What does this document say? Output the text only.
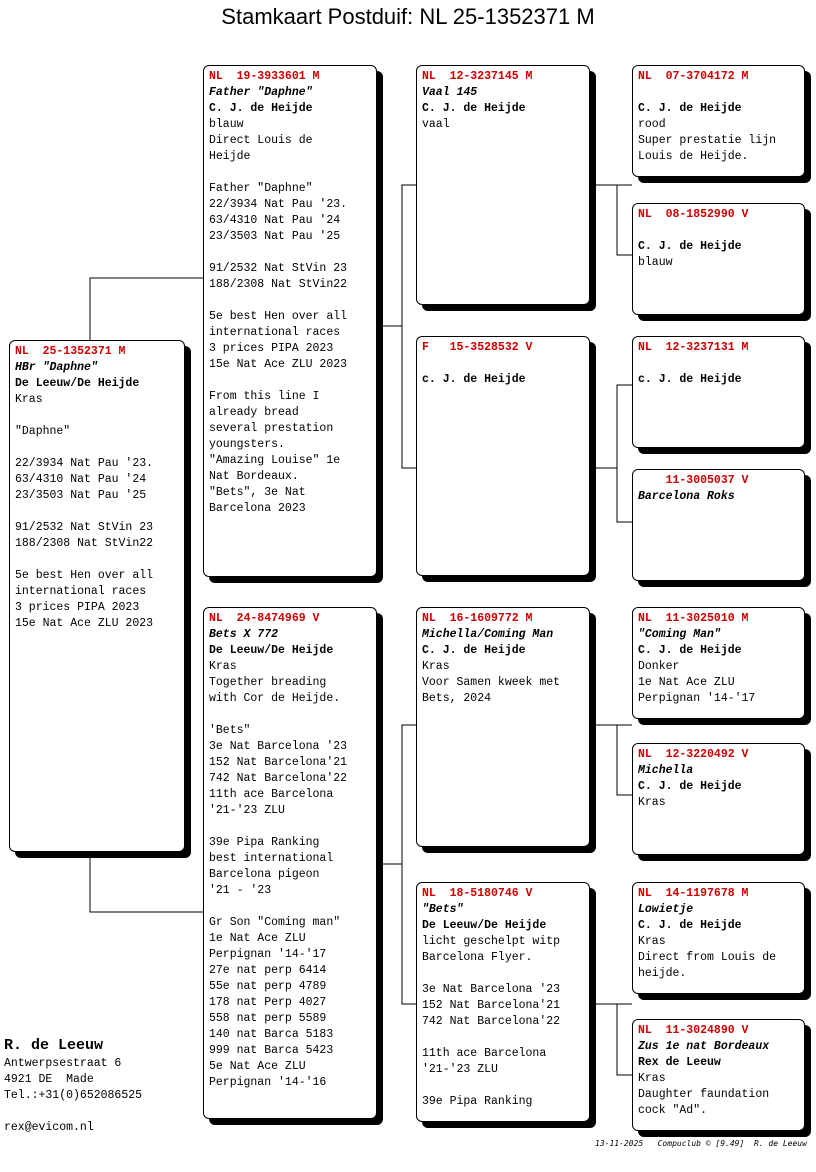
Stamkaart Postduif: NL 25-1352371 M
NL  25-1352371 M
HBr "Daphne"
De Leeuw/De Heijde
Kras
"Daphne"
22/3934 Nat Pau '23.
63/4310 Nat Pau '24
23/3503 Nat Pau '25
91/2532 Nat StVin 23
188/2308 Nat StVin22
5e best Hen over all
international races
3 prices PIPA 2023
15e Nat Ace ZLU 2023
NL  19-3933601 M
Father "Daphne"
C. J. de Heijde
blauw
Direct Louis de
Heijde
Father "Daphne"
22/3934 Nat Pau '23.
63/4310 Nat Pau '24
23/3503 Nat Pau '25
91/2532 Nat StVin 23
188/2308 Nat StVin22
5e best Hen over all
international races
3 prices PIPA 2023
15e Nat Ace ZLU 2023
From this line I
already bread
several prestation
youngsters.
"Amazing Louise" 1e
Nat Bordeaux.
"Bets", 3e Nat
Barcelona 2023
NL  24-8474969 V
Bets X 772
De Leeuw/De Heijde
Kras
Together breading
with Cor de Heijde.
'Bets"
3e Nat Barcelona '23
152 Nat Barcelona'21
742 Nat Barcelona'22
11th ace Barcelona
'21-'23 ZLU
39e Pipa Ranking
best international
Barcelona pigeon
'21 - '23
Gr Son "Coming man"
1e Nat Ace ZLU
Perpignan '14-'17
27e nat perp 6414
55e nat perp 4789
178 nat Perp 4027
558 nat perp 5589
140 nat Barca 5183
999 nat Barca 5423
5e Nat Ace ZLU
Perpignan '14-'16
NL  12-3237145 M
Vaal 145
C. J. de Heijde
vaal
F   15-3528532 V
c. J. de Heijde
NL  16-1609772 M
Michella/Coming Man
C. J. de Heijde
Kras
Voor Samen kweek met
Bets, 2024
NL  18-5180746 V
"Bets"
De Leeuw/De Heijde
licht geschelpt witp
Barcelona Flyer.
3e Nat Barcelona '23
152 Nat Barcelona'21
742 Nat Barcelona'22
11th ace Barcelona
'21-'23 ZLU
39e Pipa Ranking
NL  07-3704172 M
C. J. de Heijde
rood
Super prestatie lijn
Louis de Heijde.
NL  08-1852990 V
C. J. de Heijde
blauw
NL  12-3237131 M
c. J. de Heijde
11-3005037 V
Barcelona Roks
NL  11-3025010 M
"Coming Man"
C. J. de Heijde
Donker
1e Nat Ace ZLU
Perpignan '14-'17
NL  12-3220492 V
Michella
C. J. de Heijde
Kras
NL  14-1197678 M
Lowietje
C. J. de Heijde
Kras
Direct from Louis de
heijde.
NL  11-3024890 V
Zus 1e nat Bordeaux
Rex de Leeuw
Kras
Daughter faundation
cock "Ad".
R. de Leeuw
Antwerpsestraat 6
4921 DE  Made
Tel.:+31(0)652086525
rex@evicom.nl
13-11-2025   Compuclub © [9.49]  R. de Leeuw
